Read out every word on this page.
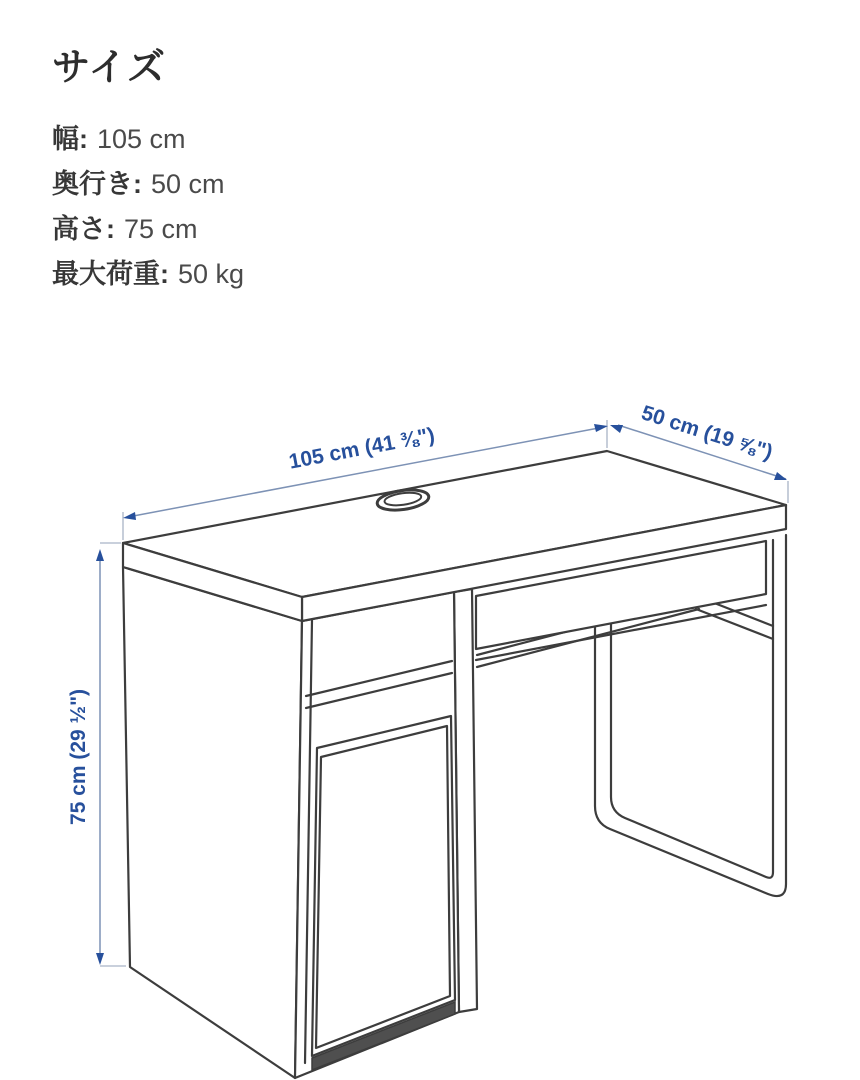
サイズ
幅: 105 cm
奥行き: 50 cm
高さ: 75 cm
最大荷重: 50 kg
105 cm (41 ⅜")	50 cm (19 ⅝")
75 cm (29 ½")
